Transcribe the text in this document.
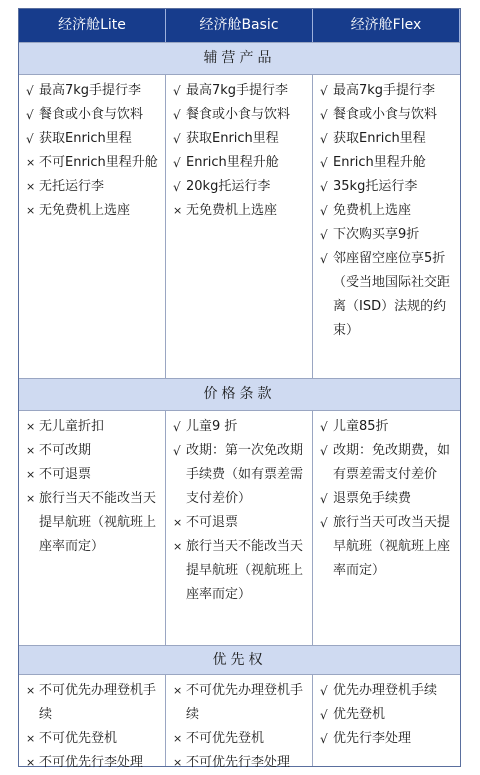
经济舱Lite	经济舱Basic	经济舱Flex
辅营产品
√ 最高7kg手提行李
√ 餐食或小食与饮料
√ 获取Enrich里程
× 不可Enrich里程升舱
× 无托运行李
× 无免费机上选座
√ 最高7kg手提行李
√ 餐食或小食与饮料
√ 获取Enrich里程
√ Enrich里程升舱
√ 20kg托运行李
× 无免费机上选座
√ 最高7kg手提行李
√ 餐食或小食与饮料
√ 获取Enrich里程
√ Enrich里程升舱
√ 35kg托运行李
√ 免费机上选座
√ 下次购买享9折
√ 邻座留空座位享5折（受当地国际社交距离（ISD）法规的约束）
价格条款
× 无儿童折扣
× 不可改期
× 不可退票
× 旅行当天不能改当天提早航班（视航班上座率而定）
√ 儿童9 折
√ 改期：第一次免改期手续费（如有票差需支付差价）
× 不可退票
× 旅行当天不能改当天提早航班（视航班上座率而定）
√ 儿童85折
√ 改期：免改期费，如有票差需支付差价
√ 退票免手续费
√ 旅行当天可改当天提早航班（视航班上座率而定）
优先权
× 不可优先办理登机手续
× 不可优先登机
× 不可优先行李处理
× 不可优先办理登机手续
× 不可优先登机
× 不可优先行李处理
√ 优先办理登机手续
√ 优先登机
√ 优先行李处理
